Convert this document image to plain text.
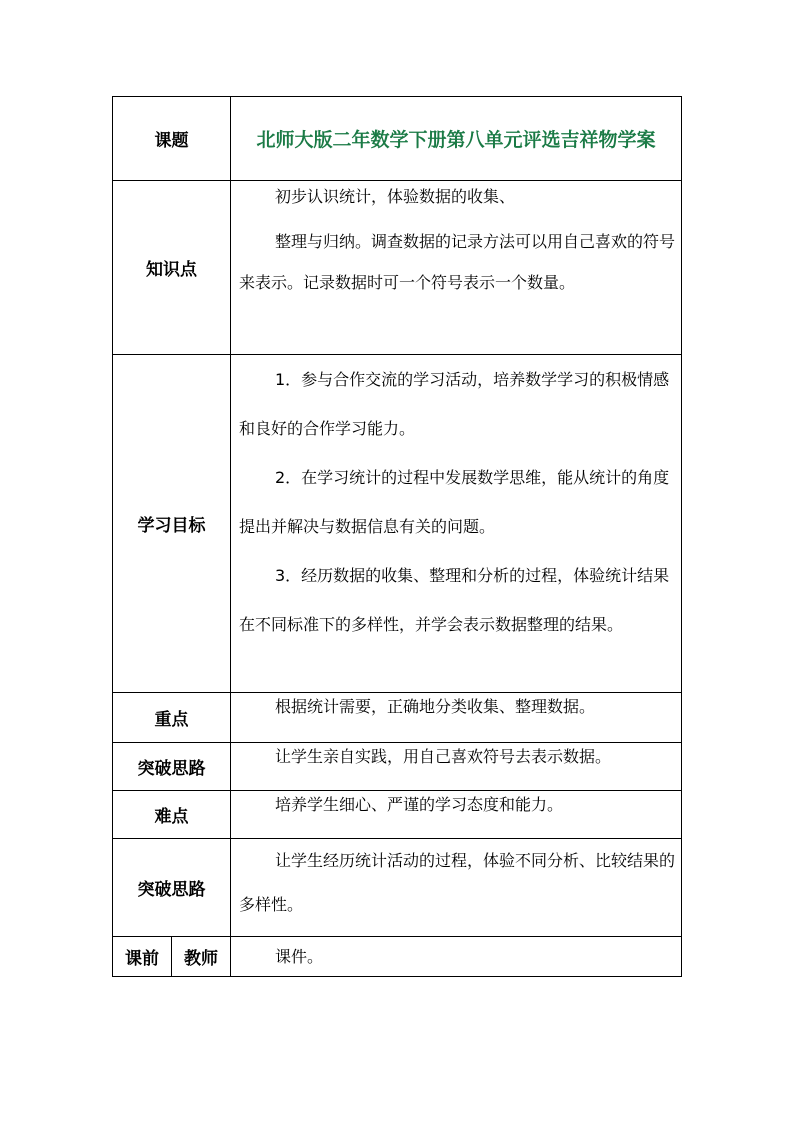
课题		北师大版二年数学下册第八单元评选吉祥物学案
知识点		初步认识统计，体验数据的收集、

整理与归纳。调查数据的记录方法可以用自己喜欢的符号来表示。记录数据时可一个符号表示一个数量。

学习目标		1．参与合作交流的学习活动，培养数学学习的积极情感和良好的合作学习能力。

2．在学习统计的过程中发展数学思维，能从统计的角度提出并解决与数据信息有关的问题。

3．经历数据的收集、整理和分析的过程，体验统计结果在不同标准下的多样性，并学会表示数据整理的结果。

重点		根据统计需要，正确地分类收集、整理数据。

突破思路		让学生亲自实践，用自己喜欢符号去表示数据。

难点		培养学生细心、严谨的学习态度和能力。

突破思路		让学生经历统计活动的过程，体验不同分析、比较结果的多样性。

课前	教师	课件。
